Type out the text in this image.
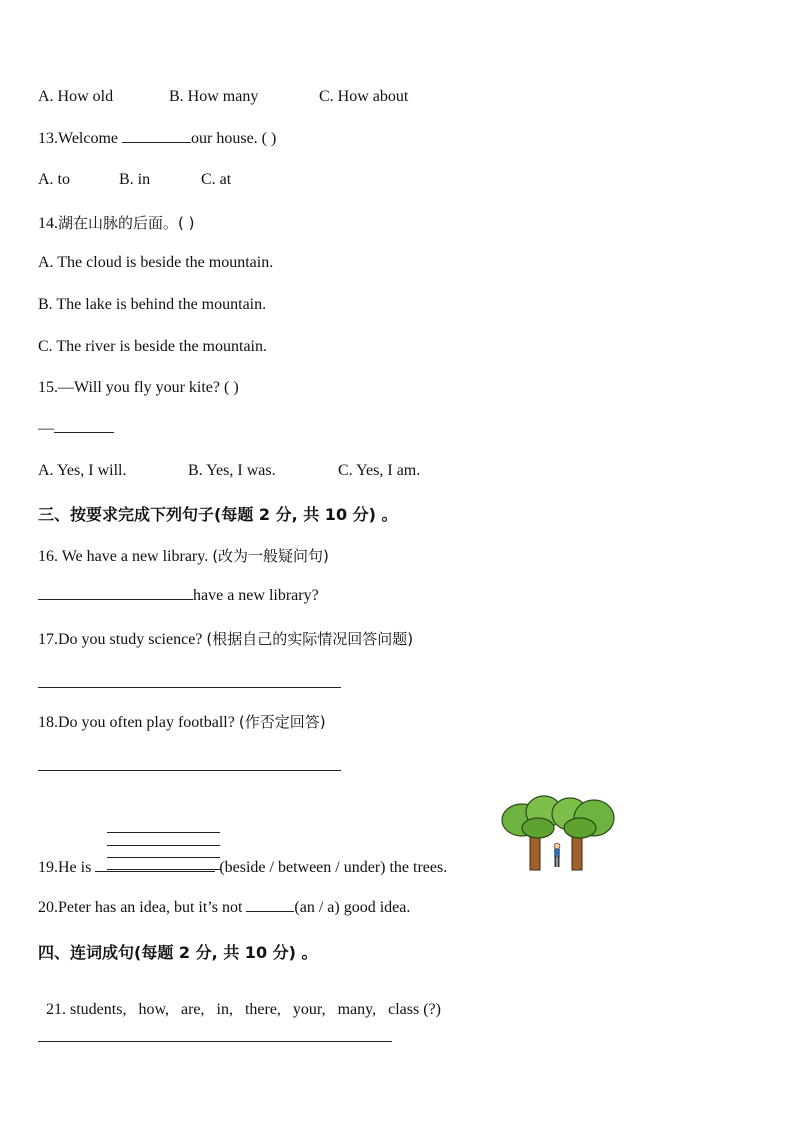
A. How old	B. How many	C. How about
13.Welcome	our house. ( )
A. to	B. in	C. at
14.湖在山脉的后面。( )
A. The cloud is beside the mountain.
B. The lake is behind the mountain.
C. The river is beside the mountain.
15.—Will you fly your kite? ( )
—
A. Yes, I will.	B. Yes, I was.	C. Yes, I am.
三、按要求完成下列句子(每题 2 分, 共 10 分) 。
16. We have a new library. (改为一般疑问句)
have a new library?
17.Do you study science? (根据自己的实际情况回答问题)
18.Do you often play football? (作否定回答)
19.He is	(beside / between / under) the trees.
20.Peter has an idea, but it’s not	(an / a) good idea.
四、连词成句(每题 2 分, 共 10 分) 。

21. students,   how,   are,   in,   there,   your,   many,   class (?)
